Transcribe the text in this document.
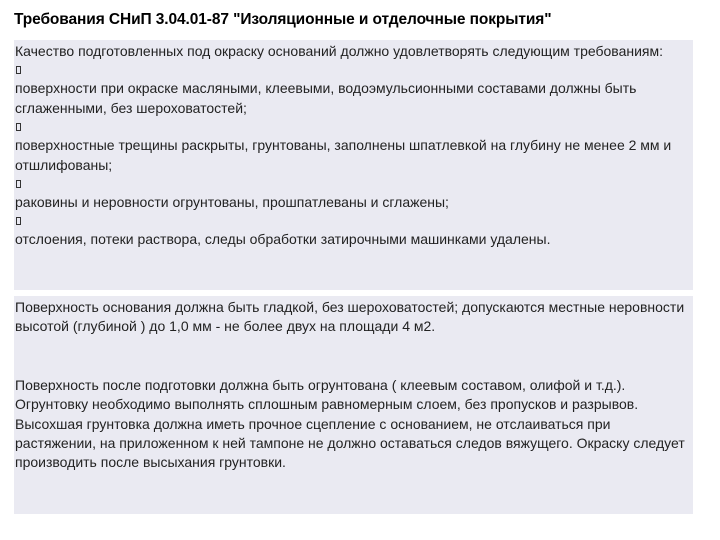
Требования СНиП 3.04.01-87 "Изоляционные и отделочные покрытия"

Качество подготовленных под окраску оснований должно удовлетворять следующим требованиям:

поверхности при окраске масляными, клеевыми, водоэмульсионными составами должны быть сглаженными, без шероховатостей;

поверхностные трещины раскрыты, грунтованы, заполнены шпатлевкой на глубину не менее 2 мм и отшлифованы;

раковины и неровности огрунтованы, прошпатлеваны и сглажены;

отслоения, потеки раствора, следы обработки затирочными машинками удалены.

Поверхность основания должна быть гладкой, без шероховатостей; допускаются местные неровности высотой (глубиной ) до 1,0 мм - не более двух на площади 4 м2.

Поверхность после подготовки должна быть огрунтована ( клеевым составом, олифой и т.д.). Огрунтовку необходимо выполнять сплошным равномерным слоем, без пропусков и разрывов. Высохшая грунтовка должна иметь прочное сцепление с основанием, не отслаиваться при растяжении, на приложенном к ней тампоне не должно оставаться следов вяжущего. Окраску следует производить после высыхания грунтовки.
